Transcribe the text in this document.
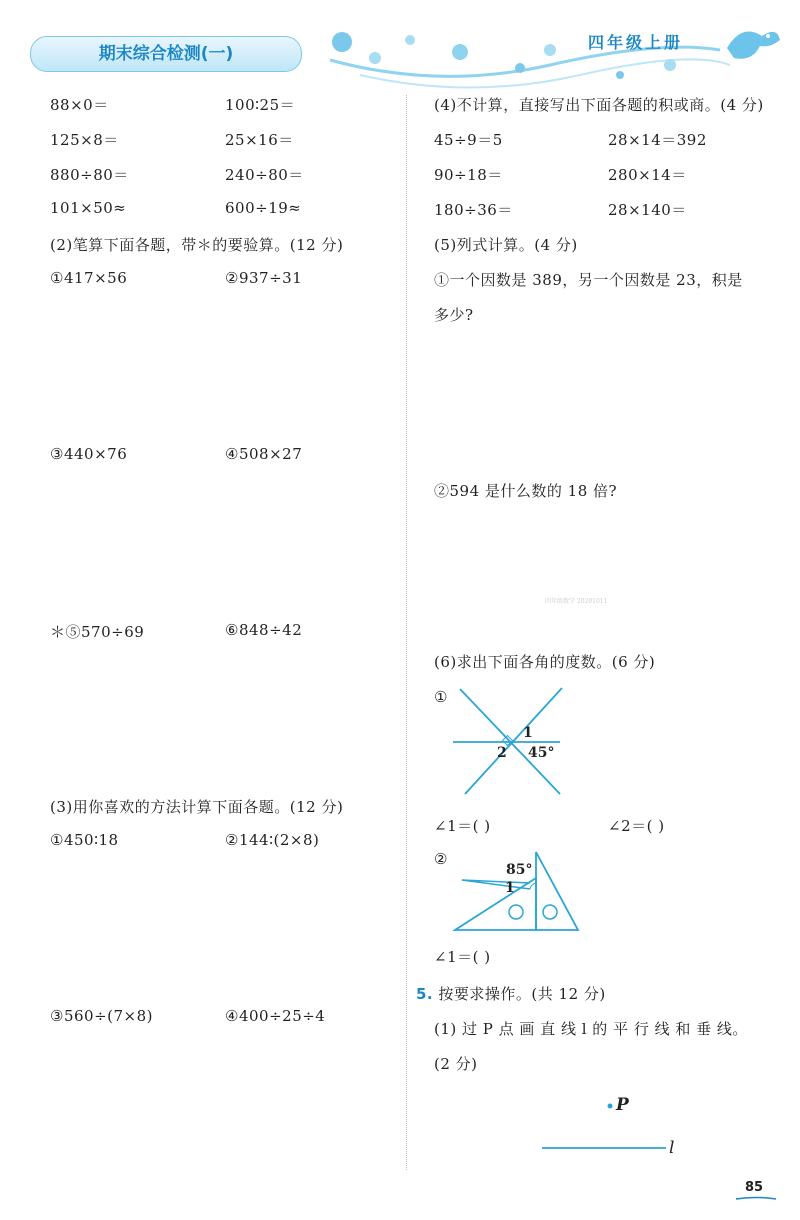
期末综合检测(一)
四年级上册
88×0＝	100∶25＝
125×8＝	25×16＝
880÷80＝	240÷80＝
101×50≈	600÷19≈
(2)笔算下面各题，带＊的要验算。(12 分)
①417×56	②937÷31
③440×76	④508×27
＊⑤570÷69	⑥848÷42
(3)用你喜欢的方法计算下面各题。(12 分)
①450∶18	②144∶(2×8)
③560÷(7×8)	④400÷25÷4
(4)不计算，直接写出下面各题的积或商。(4 分)
45÷9＝5	28×14＝392
90÷18＝	280×14＝
180÷36＝	28×140＝
(5)列式计算。(4 分)
①一个因数是 389，另一个因数是 23，积是
多少?
②594 是什么数的 18 倍?
四年级数学 20201011
(6)求出下面各角的度数。(6 分)
①
1
2 45°
∠1＝( )	∠2＝( )
②
85°
1
∠1＝( )
5. 按要求操作。(共 12 分)
(1) 过 P 点 画 直 线 l 的 平 行 线 和 垂 线。
(2 分)
P
l
85
